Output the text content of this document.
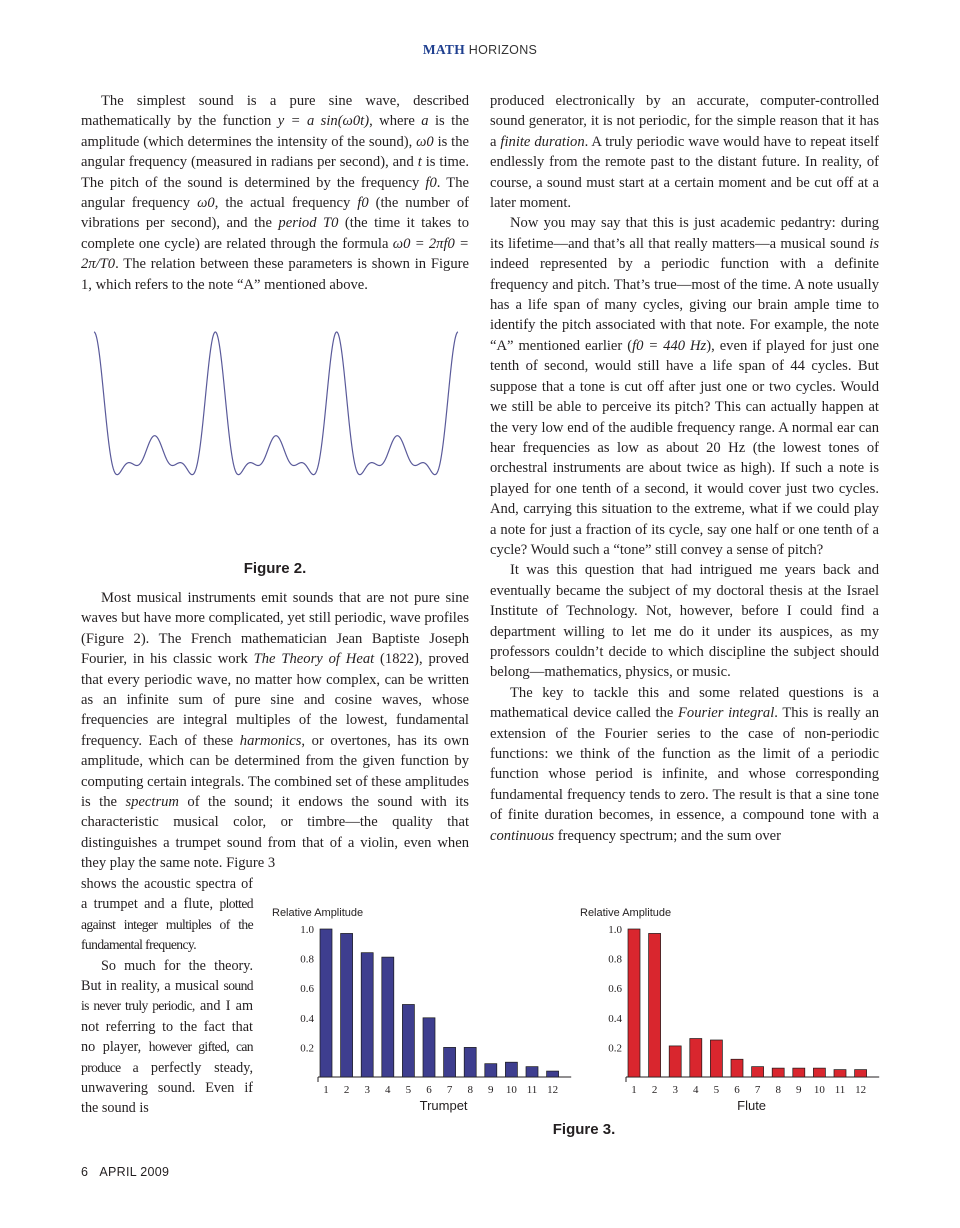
MATH HORIZONS

The simplest sound is a pure sine wave, described mathematically by the function y = a sin(ω0t), where a is the amplitude (which determines the intensity of the sound), ω0 is the angular frequency (measured in radians per second), and t is time. The pitch of the sound is determined by the frequency f0. The angular frequency ω0, the actual frequency f0 (the number of vibrations per second), and the period T0 (the time it takes to complete one cycle) are related through the formula ω0 = 2πf0 = 2π/T0. The relation between these parameters is shown in Figure 1, which refers to the note “A” mentioned above.

Figure 2.

Most musical instruments emit sounds that are not pure sine waves but have more complicated, yet still periodic, wave profiles (Figure 2). The French mathematician Jean Baptiste Joseph Fourier, in his classic work The Theory of Heat (1822), proved that every periodic wave, no matter how complex, can be written as an infinite sum of pure sine and cosine waves, whose frequencies are integral multiples of the lowest, fundamental frequency. Each of these harmonics, or overtones, has its own amplitude, which can be determined from the given function by computing certain integrals. The combined set of these amplitudes is the spectrum of the sound; it endows the sound with its characteristic musical color, or timbre—the quality that distinguishes a trumpet sound from that of a violin, even when they play the same note. Figure 3

shows the acoustic spectra of a trumpet and a flute, plotted against integer multiples of the fundamental frequency.

So much for the theory. But in reality, a musical sound is never truly periodic, and I am not referring to the fact that no player, however gifted, can produce a perfectly steady, unwavering sound. Even if the sound is

produced electronically by an accurate, computer-controlled sound generator, it is not periodic, for the simple reason that it has a finite duration. A truly periodic wave would have to repeat itself endlessly from the remote past to the distant future. In reality, of course, a sound must start at a certain moment and be cut off at a later moment.

Now you may say that this is just academic pedantry: during its lifetime—and that’s all that really matters—a musical sound is indeed represented by a periodic function with a definite frequency and pitch. That’s true—most of the time. A note usually has a life span of many cycles, giving our brain ample time to identify the pitch associated with that note. For example, the note “A” mentioned earlier (f0 = 440 Hz), even if played for just one tenth of second, would still have a life span of 44 cycles. But suppose that a tone is cut off after just one or two cycles. Would we still be able to perceive its pitch? This can actually happen at the very low end of the audible frequency range. A normal ear can hear frequencies as low as about 20 Hz (the lowest tones of orchestral instruments are about twice as high). If such a note is played for one tenth of a second, it would cover just two cycles. And, carrying this situation to the extreme, what if we could play a note for just a fraction of its cycle, say one half or one tenth of a cycle? Would such a “tone” still convey a sense of pitch?

It was this question that had intrigued me years back and eventually became the subject of my doctoral thesis at the Israel Institute of Technology. Not, however, before I could find a department willing to let me do it under its auspices, as my professors couldn’t decide to which discipline the subject should belong—mathematics, physics, or music.

The key to tackle this and some related questions is a mathematical device called the Fourier integral. This is really an extension of the Fourier series to the case of non-periodic functions: we think of the function as the limit of a periodic function whose period is infinite, and whose corresponding fundamental frequency tends to zero. The result is that a sine tone of finite duration becomes, in essence, a compound tone with a continuous frequency spectrum; and the sum over

Relative Amplitude
0.2
0.4
0.6
0.8
1.0
1 2 3 4 5 6 7 8 9 10 11 12
Trumpet
Relative Amplitude
0.2
0.4
0.6
0.8
1.0
1 2 3 4 5 6 7 8 9 10 11 12
Flute
Figure 3.
6 APRIL 2009
